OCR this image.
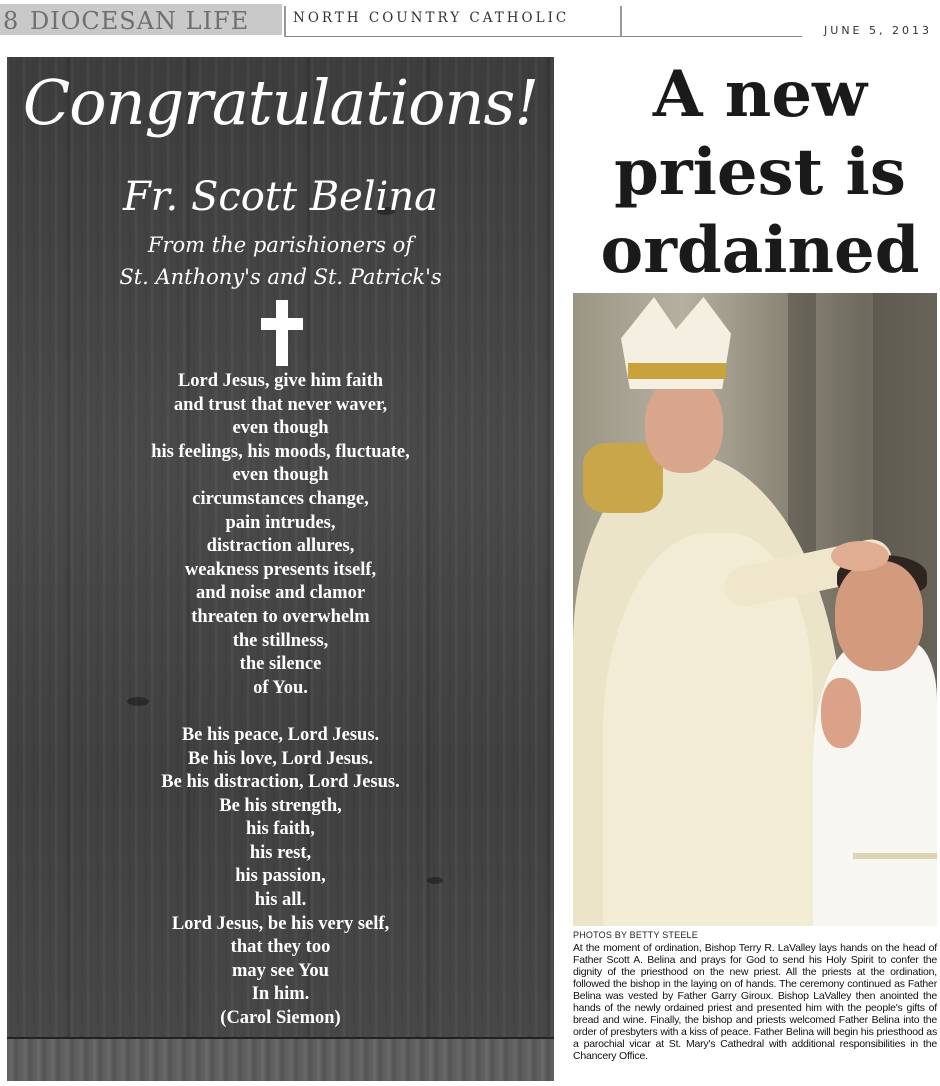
8 DIOCESAN LIFE	NORTH COUNTRY CATHOLIC
JUNE 5, 2013
Congratulations!
Fr. Scott Belina
From the parishioners of
St. Anthony's and St. Patrick's
Lord Jesus, give him faith
and trust that never waver,
even though
his feelings, his moods, fluctuate,
even though
circumstances change,
pain intrudes,
distraction allures,
weakness presents itself,
and noise and clamor
threaten to overwhelm
the stillness,
the silence
of You.
Be his peace, Lord Jesus.
Be his love, Lord Jesus.
Be his distraction, Lord Jesus.
Be his strength,
his faith,
his rest,
his passion,
his all.
Lord Jesus, be his very self,
that they too
may see You
In him.
(Carol Siemon)
A new
priest is
ordained
PHOTOS BY BETTY STEELE

At the moment of ordination, Bishop Terry R. LaValley lays hands on the head of Father Scott A. Belina and prays for God to send his Holy Spirit to confer the dignity of the priesthood on the new priest. All the priests at the ordination, followed the bishop in the laying on of hands. The ceremony continued as Father Belina was vested by Father Garry Giroux. Bishop LaValley then anointed the hands of the newly ordained priest and presented him with the people's gifts of bread and wine. Finally, the bishop and priests welcomed Father Belina into the order of presbyters with a kiss of peace. Father Belina will begin his priesthood as a parochial vicar at St. Mary's Cathedral with additional responsibilities in the Chancery Office.
